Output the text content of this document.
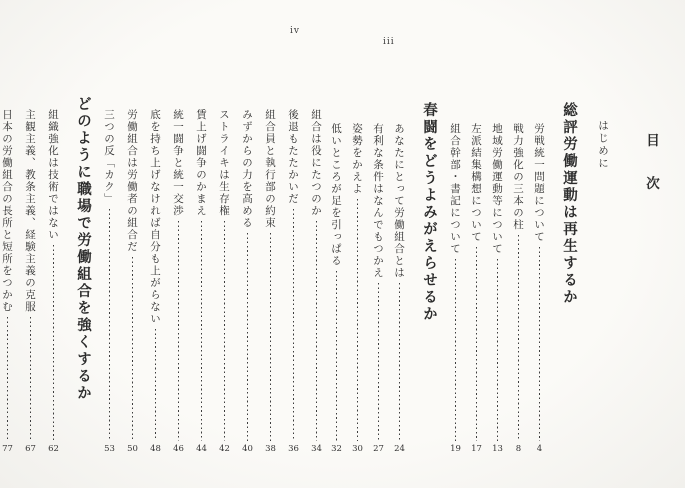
iv
iii
組合は役にたつのか
34
後退もたたかいだ
36
組合員と執行部の約束
38
みずからの力を高める
40
ストライキは生存権
42
賃上げ闘争のかまえ
44
統一闘争と統一交渉
46
底を持ち上げなければ自分も上がらない
48
労働組合は労働者の組合だ
50
三つの反「カク」
53
どのように職場で労働組合を強くするか
組織強化は技術ではない
62
主観主義、教条主義、経験主義の克服
67
日本の労働組合の長所と短所をつかむ
77
目　次
はじめに
総評労働運動は再生するか
労戦統一問題について
4
戦力強化の三本の柱
8
地域労働運動等について
13
左派結集構想について
17
組合幹部・書記について
19
春闘をどうよみがえらせるか
あなたにとって労働組合とは
24
有利な条件はなんでもつかえ
27
姿勢をかえよ
30
低いところが足を引っぱる
32
